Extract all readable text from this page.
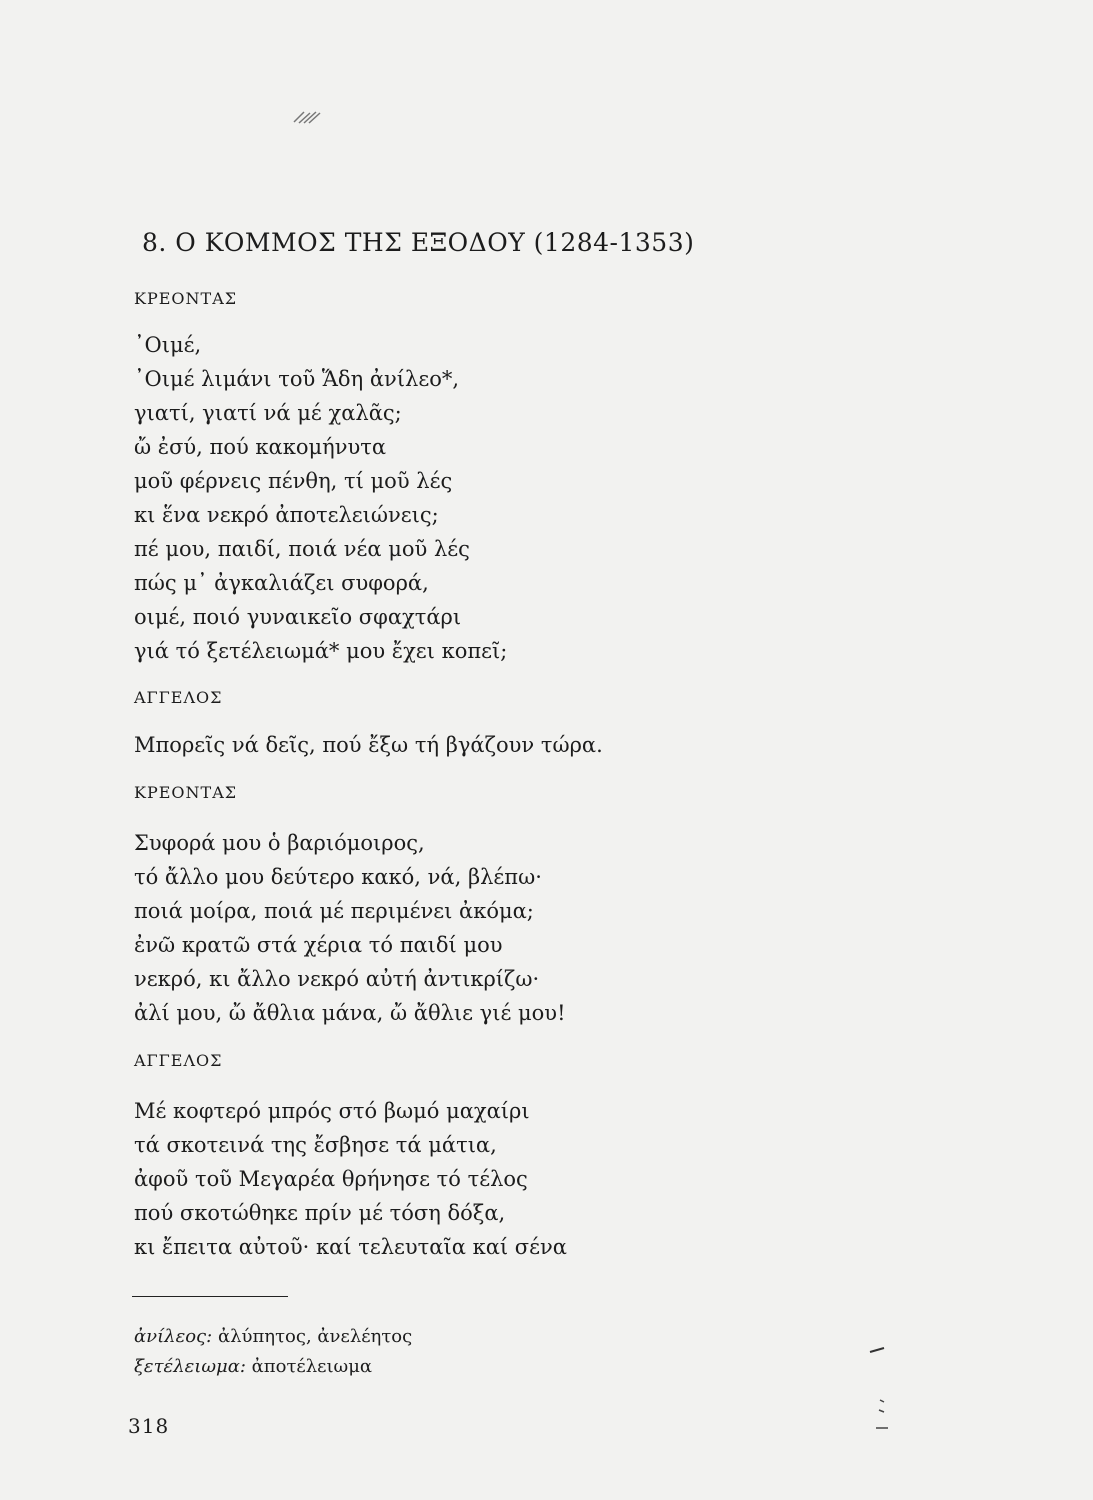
8. Ο ΚΟΜΜΟΣ ΤΗΣ ΕΞΟΔΟΥ (1284-1353)
ΚΡΕΟΝΤΑΣ
᾿Οιμέ,
᾿Οιμέ λιμάνι τοῦ Ἅδη ἀνίλεο*,
γιατί, γιατί νά μέ χαλᾶς;
ὤ ἐσύ, πού κακομήνυτα
μοῦ φέρνεις πένθη, τί μοῦ λές
κι ἕνα νεκρό ἀποτελειώνεις;
πέ μου, παιδί, ποιά νέα μοῦ λές
πώς μ᾿ ἀγκαλιάζει συφορά,
οιμέ, ποιό γυναικεῖο σφαχτάρι
γιά τό ξετέλειωμά* μου ἔχει κοπεῖ;
ΑΓΓΕΛΟΣ
Μπορεῖς νά δεῖς, πού ἔξω τή βγάζουν τώρα.
ΚΡΕΟΝΤΑΣ
Συφορά μου ὁ βαριόμοιρος,
τό ἄλλο μου δεύτερο κακό, νά, βλέπω·
ποιά μοίρα, ποιά μέ περιμένει ἀκόμα;
ἐνῶ κρατῶ στά χέρια τό παιδί μου
νεκρό, κι ἄλλο νεκρό αὐτή ἀντικρίζω·
ἀλί μου, ὤ ἄθλια μάνα, ὤ ἄθλιε γιέ μου!
ΑΓΓΕΛΟΣ
Μέ κοφτερό μπρός στό βωμό μαχαίρι
τά σκοτεινά της ἔσβησε τά μάτια,
ἀφοῦ τοῦ Μεγαρέα θρήνησε τό τέλος
πού σκοτώθηκε πρίν μέ τόση δόξα,
κι ἔπειτα αὐτοῦ· καί τελευταῖα καί σένα
ἀνίλεος: ἀλύπητος, ἀνελέητος
ξετέλειωμα: ἀποτέλειωμα
318
